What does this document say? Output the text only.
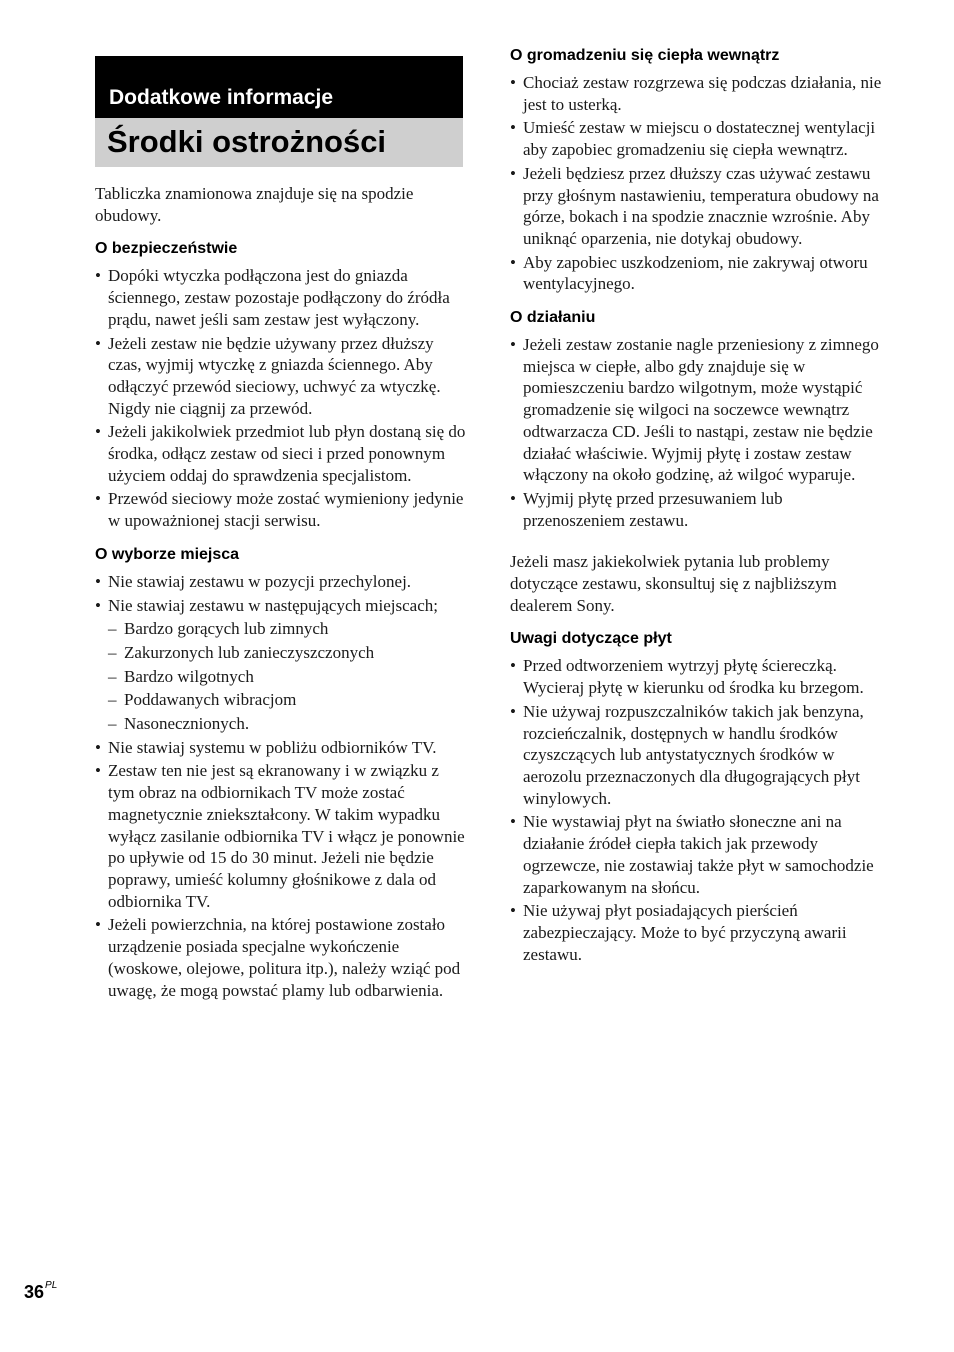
Dodatkowe informacje
Środki ostrożności

Tabliczka znamionowa znajduje się na spodzie obudowy.

O bezpieczeństwie
• Dopóki wtyczka podłączona jest do gniazda ściennego, zestaw pozostaje podłączony do źródła prądu, nawet jeśli sam zestaw jest wyłączony.
• Jeżeli zestaw nie będzie używany przez dłuższy czas, wyjmij wtyczkę z gniazda ściennego. Aby odłączyć przewód sieciowy, uchwyć za wtyczkę. Nigdy nie ciągnij za przewód.
• Jeżeli jakikolwiek przedmiot lub płyn dostaną się do środka, odłącz zestaw od sieci i przed ponownym użyciem oddaj do sprawdzenia specjalistom.
• Przewód sieciowy może zostać wymieniony jedynie w upoważnionej stacji serwisu.
O wyborze miejsca
• Nie stawiaj zestawu w pozycji przechylonej.
• Nie stawiaj zestawu w następujących miejscach;
– Bardzo gorących lub zimnych
– Zakurzonych lub zanieczyszczonych
– Bardzo wilgotnych
– Poddawanych wibracjom
– Nasonecznionych.
• Nie stawiaj systemu w pobliżu odbiorników TV.
• Zestaw ten nie jest są ekranowany i w związku z tym obraz na odbiornikach TV może zostać magnetycznie zniekształcony. W takim wypadku wyłącz zasilanie odbiornika TV i włącz je ponownie po upływie od 15 do 30 minut. Jeżeli nie będzie poprawy, umieść kolumny głośnikowe z dala od odbiornika TV.
• Jeżeli powierzchnia, na której postawione zostało urządzenie posiada specjalne wykończenie (woskowe, olejowe, politura itp.), należy wziąć pod uwagę, że mogą powstać plamy lub odbarwienia.
O gromadzeniu się ciepła wewnątrz
• Chociaż zestaw rozgrzewa się podczas działania, nie jest to usterką.
• Umieść zestaw w miejscu o dostatecznej wentylacji aby zapobiec gromadzeniu się ciepła wewnątrz.
• Jeżeli będziesz przez dłuższy czas używać zestawu przy głośnym nastawieniu, temperatura obudowy na górze, bokach i na spodzie znacznie wzrośnie. Aby uniknąć oparzenia, nie dotykaj obudowy.
• Aby zapobiec uszkodzeniom, nie zakrywaj otworu wentylacyjnego.
O działaniu
• Jeżeli zestaw zostanie nagle przeniesiony z zimnego miejsca w ciepłe, albo gdy znajduje się w pomieszczeniu bardzo wilgotnym, może wystąpić gromadzenie się wilgoci na soczewce wewnątrz odtwarzacza CD. Jeśli to nastąpi, zestaw nie będzie działać właściwie. Wyjmij płytę i zostaw zestaw włączony na około godzinę, aż wilgoć wyparuje.
• Wyjmij płytę przed przesuwaniem lub przenoszeniem zestawu.

Jeżeli masz jakiekolwiek pytania lub problemy dotyczące zestawu, skonsultuj się z najbliższym dealerem Sony.

Uwagi dotyczące płyt
• Przed odtworzeniem wytrzyj płytę ściereczką. Wycieraj płytę w kierunku od środka ku brzegom.
• Nie używaj rozpuszczalników takich jak benzyna, rozcieńczalnik, dostępnych w handlu środków czyszczących lub antystatycznych środków w aerozolu przeznaczonych dla długogrających płyt winylowych.
• Nie wystawiaj płyt na światło słoneczne ani na działanie źródeł ciepła takich jak przewody ogrzewcze, nie zostawiaj także płyt w samochodzie zaparkowanym na słońcu.
• Nie używaj płyt posiadających pierścień zabezpieczający. Może to być przyczyną awarii zestawu.
$36^{PL}$
